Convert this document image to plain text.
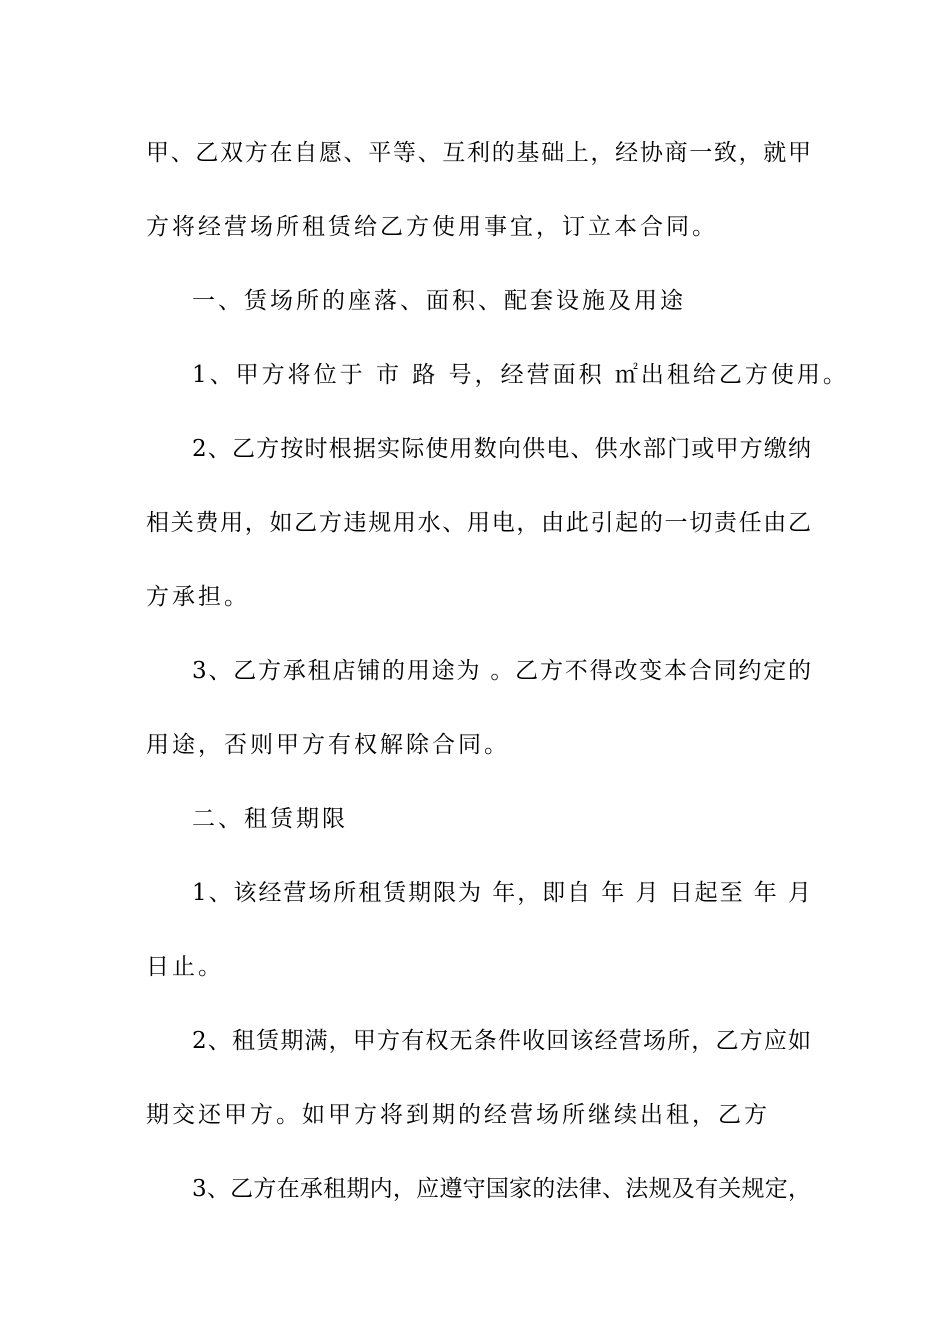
甲、乙双方在自愿、平等、互利的基础上，经协商一致，就甲
方将经营场所租赁给乙方使用事宜，订立本合同。
一、赁场所的座落、面积、配套设施及用途
1、甲方将位于 市 路 号，经营面积 ㎡出租给乙方使用。
2、乙方按时根据实际使用数向供电、供水部门或甲方缴纳
相关费用，如乙方违规用水、用电，由此引起的一切责任由乙
方承担。
3、乙方承租店铺的用途为 。乙方不得改变本合同约定的
用途，否则甲方有权解除合同。
二、租赁期限
1、该经营场所租赁期限为 年，即自 年 月 日起至 年 月
日止。
2、租赁期满，甲方有权无条件收回该经营场所，乙方应如
期交还甲方。如甲方将到期的经营场所继续出租，乙方
3、乙方在承租期内，应遵守国家的法律、法规及有关规定，
